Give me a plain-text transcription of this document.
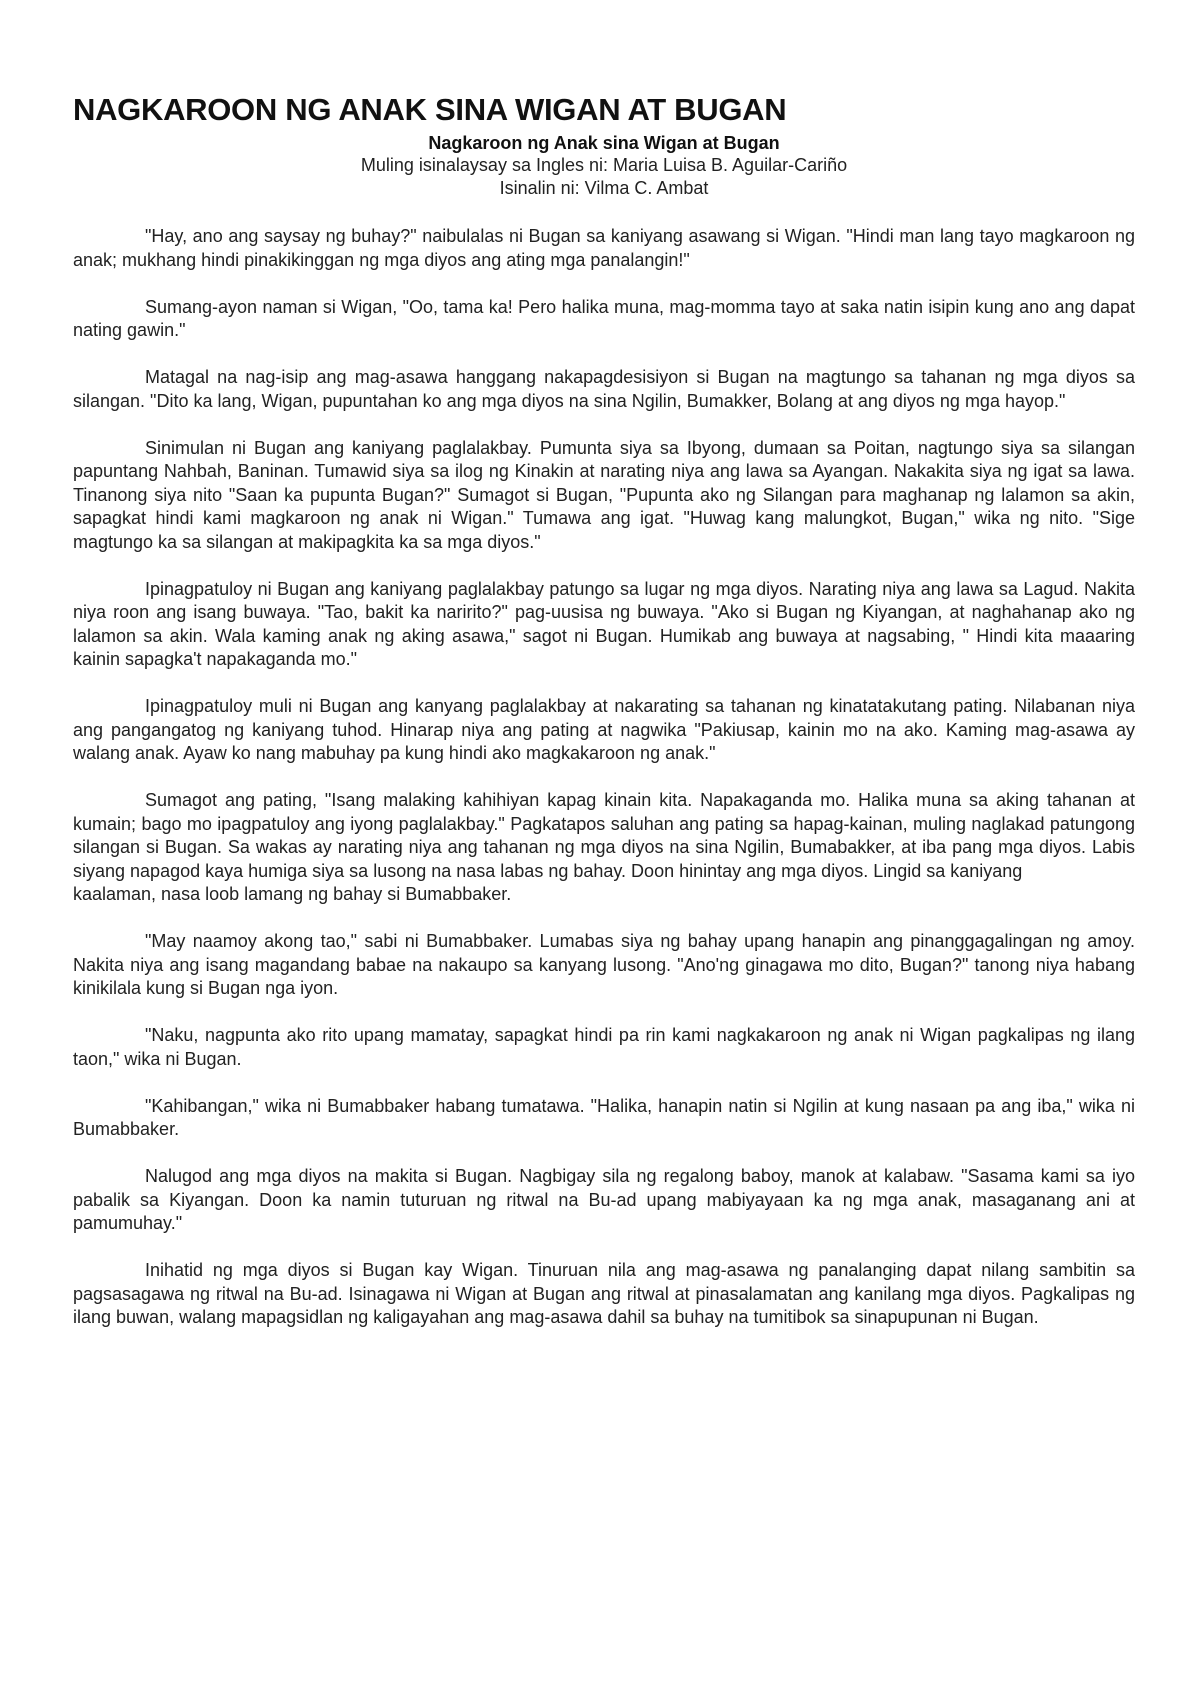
NAGKAROON NG ANAK SINA WIGAN AT BUGAN

Nagkaroon ng Anak sina Wigan at Bugan

Muling isinalaysay sa Ingles ni: Maria Luisa B. Aguilar-Cariño

Isinalin ni: Vilma C. Ambat

"Hay, ano ang saysay ng buhay?" naibulalas ni Bugan sa kaniyang asawang si Wigan. "Hindi man lang tayo magkaroon ng anak; mukhang hindi pinakikinggan ng mga diyos ang ating mga panalangin!"

Sumang-ayon naman si Wigan, "Oo, tama ka! Pero halika muna, mag-momma tayo at saka natin isipin kung ano ang dapat nating gawin."

Matagal na nag-isip ang mag-asawa hanggang nakapagdesisiyon si Bugan na magtungo sa tahanan ng mga diyos sa silangan. "Dito ka lang, Wigan, pupuntahan ko ang mga diyos na sina Ngilin, Bumakker, Bolang at ang diyos ng mga hayop."

Sinimulan ni Bugan ang kaniyang paglalakbay. Pumunta siya sa Ibyong, dumaan sa Poitan, nagtungo siya sa silangan papuntang Nahbah, Baninan. Tumawid siya sa ilog ng Kinakin at narating niya ang lawa sa Ayangan. Nakakita siya ng igat sa lawa. Tinanong siya nito "Saan ka pupunta Bugan?" Sumagot si Bugan, "Pupunta ako ng Silangan para maghanap ng lalamon sa akin, sapagkat hindi kami magkaroon ng anak ni Wigan." Tumawa ang igat. "Huwag kang malungkot, Bugan," wika ng nito. "Sige magtungo ka sa silangan at makipagkita ka sa mga diyos."

Ipinagpatuloy ni Bugan ang kaniyang paglalakbay patungo sa lugar ng mga diyos. Narating niya ang lawa sa Lagud. Nakita niya roon ang isang buwaya. "Tao, bakit ka naririto?" pag-uusisa ng buwaya. "Ako si Bugan ng Kiyangan, at naghahanap ako ng lalamon sa akin. Wala kaming anak ng aking asawa," sagot ni Bugan. Humikab ang buwaya at nagsabing, " Hindi kita maaaring kainin sapagka't napakaganda mo."

Ipinagpatuloy muli ni Bugan ang kanyang paglalakbay at nakarating sa tahanan ng kinatatakutang pating. Nilabanan niya ang pangangatog ng kaniyang tuhod. Hinarap niya ang pating at nagwika "Pakiusap, kainin mo na ako. Kaming mag-asawa ay walang anak. Ayaw ko nang mabuhay pa kung hindi ako magkakaroon ng anak."

Sumagot ang pating, "Isang malaking kahihiyan kapag kinain kita. Napakaganda mo. Halika muna sa aking tahanan at kumain; bago mo ipagpatuloy ang iyong paglalakbay." Pagkatapos saluhan ang pating sa hapag-kainan, muling naglakad patungong silangan si Bugan. Sa wakas ay narating niya ang tahanan ng mga diyos na sina Ngilin, Bumabakker, at iba pang mga diyos. Labis siyang napagod kaya humiga siya sa lusong na nasa labas ng bahay. Doon hinintay ang mga diyos. Lingid sa kaniyang

kaalaman, nasa loob lamang ng bahay si Bumabbaker.

"May naamoy akong tao," sabi ni Bumabbaker. Lumabas siya ng bahay upang hanapin ang pinanggagalingan ng amoy. Nakita niya ang isang magandang babae na nakaupo sa kanyang lusong. "Ano'ng ginagawa mo dito, Bugan?" tanong niya habang kinikilala kung si Bugan nga iyon.

"Naku, nagpunta ako rito upang mamatay, sapagkat hindi pa rin kami nagkakaroon ng anak ni Wigan pagkalipas ng ilang taon," wika ni Bugan.

"Kahibangan," wika ni Bumabbaker habang tumatawa. "Halika, hanapin natin si Ngilin at kung nasaan pa ang iba," wika ni Bumabbaker.

Nalugod ang mga diyos na makita si Bugan. Nagbigay sila ng regalong baboy, manok at kalabaw. "Sasama kami sa iyo pabalik sa Kiyangan. Doon ka namin tuturuan ng ritwal na Bu-ad upang mabiyayaan ka ng mga anak, masaganang ani at pamumuhay."

Inihatid ng mga diyos si Bugan kay Wigan. Tinuruan nila ang mag-asawa ng panalanging dapat nilang sambitin sa pagsasagawa ng ritwal na Bu-ad. Isinagawa ni Wigan at Bugan ang ritwal at pinasalamatan ang kanilang mga diyos. Pagkalipas ng ilang buwan, walang mapagsidlan ng kaligayahan ang mag-asawa dahil sa buhay na tumitibok sa sinapupunan ni Bugan.
